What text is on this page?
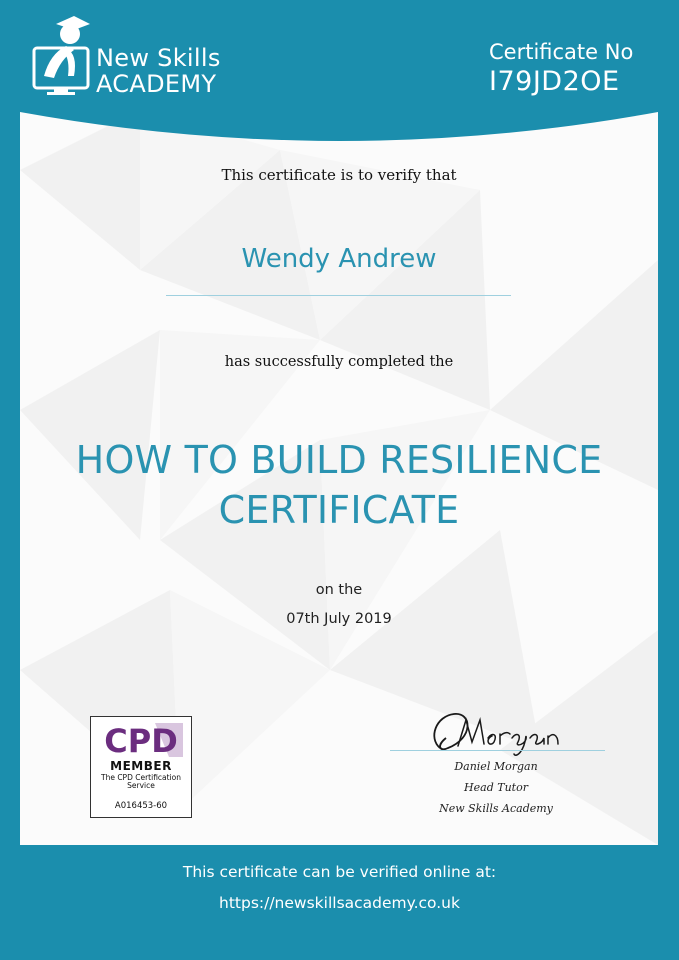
New Skills
ACADEMY
Certificate No
I79JD2OE
This certificate is to verify that
Wendy Andrew
has successfully completed the
HOW TO BUILD RESILIENCE
CERTIFICATE
on the
07th July 2019
CPD
MEMBER
The CPD Certification
Service
A016453-60
Daniel Morgan
Head Tutor
New Skills Academy
This certificate can be verified online at:
https://newskillsacademy.co.uk
